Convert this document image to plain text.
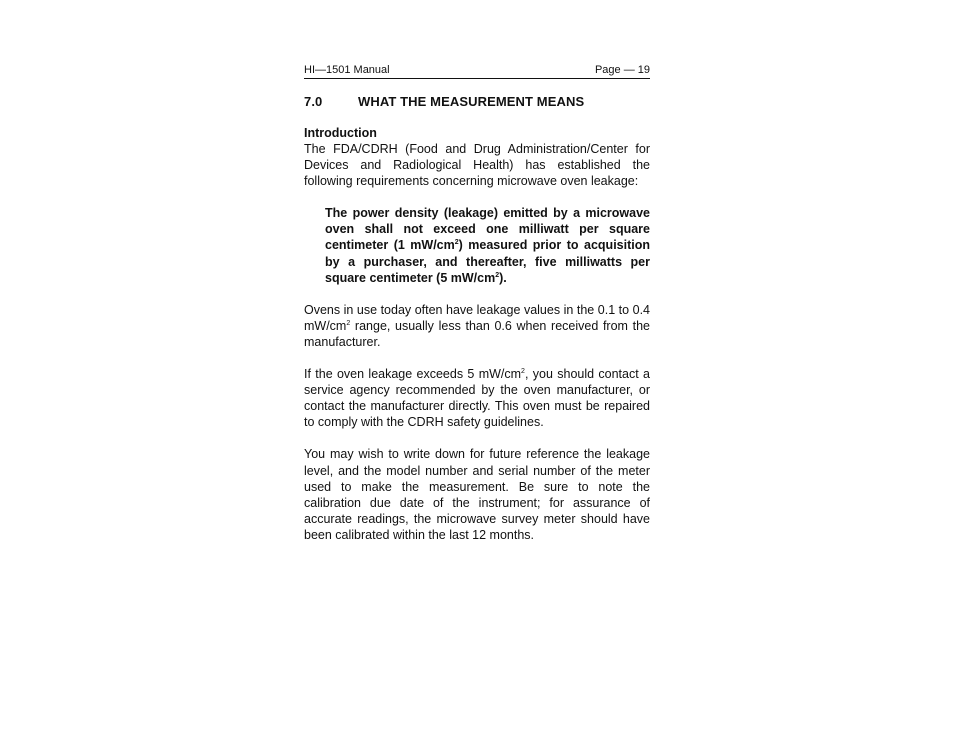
HI—1501 Manual	Page — 19
7.0	WHAT THE MEASUREMENT MEANS
Introduction

The FDA/CDRH (Food and Drug Administration/Center for Devices and Radiological Health) has established the following requirements concerning microwave oven leakage:

The power density (leakage) emitted by a microwave oven shall not exceed one milliwatt per square centimeter (1 $mW/cm^2$) measured prior to acquisition by a purchaser, and thereafter, five milliwatts per square centimeter (5 $mW/cm^2$).

Ovens in use today often have leakage values in the 0.1 to 0.4 $mW/cm^2$ range, usually less than 0.6 when received from the manufacturer.

If the oven leakage exceeds 5 $mW/cm^2$, you should contact a service agency recommended by the oven manufacturer, or contact the manufacturer directly. This oven must be repaired to comply with the CDRH safety guidelines.

You may wish to write down for future reference the leakage level, and the model number and serial number of the meter used to make the measurement. Be sure to note the calibration due date of the instrument; for assurance of accurate readings, the microwave survey meter should have been calibrated within the last 12 months.
